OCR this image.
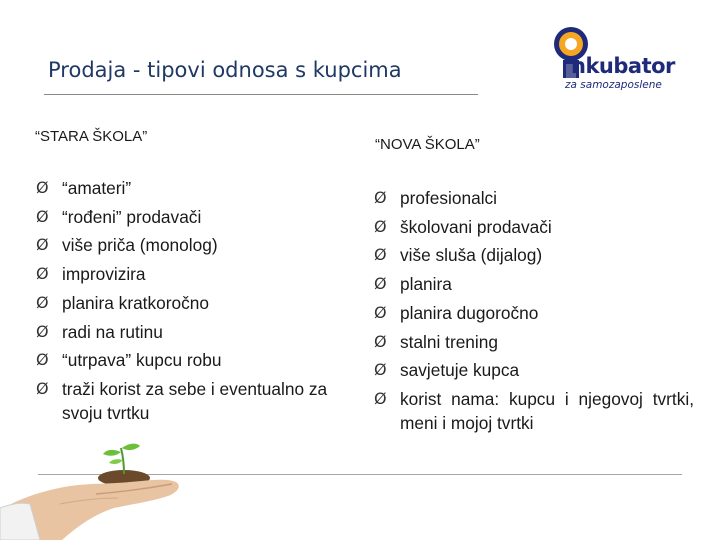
Prodaja - tipovi odnosa s kupcima	nkubator
za samozaposlene
“STARA ŠKOLA”	“NOVA ŠKOLA”
Ø “amateri”
Ø “rođeni” prodavači
Ø više priča (monolog)
Ø improvizira
Ø planira kratkoročno
Ø radi na rutinu
Ø “utrpava” kupcu robu
Ø traži korist za sebe i eventualno za svoju tvrtku
Ø profesionalci
Ø školovani prodavači
Ø više sluša (dijalog)
Ø planira
Ø planira dugoročno
Ø stalni trening
Ø savjetuje kupca
Ø korist nama: kupcu i njegovoj tvrtki, meni i mojoj tvrtki
